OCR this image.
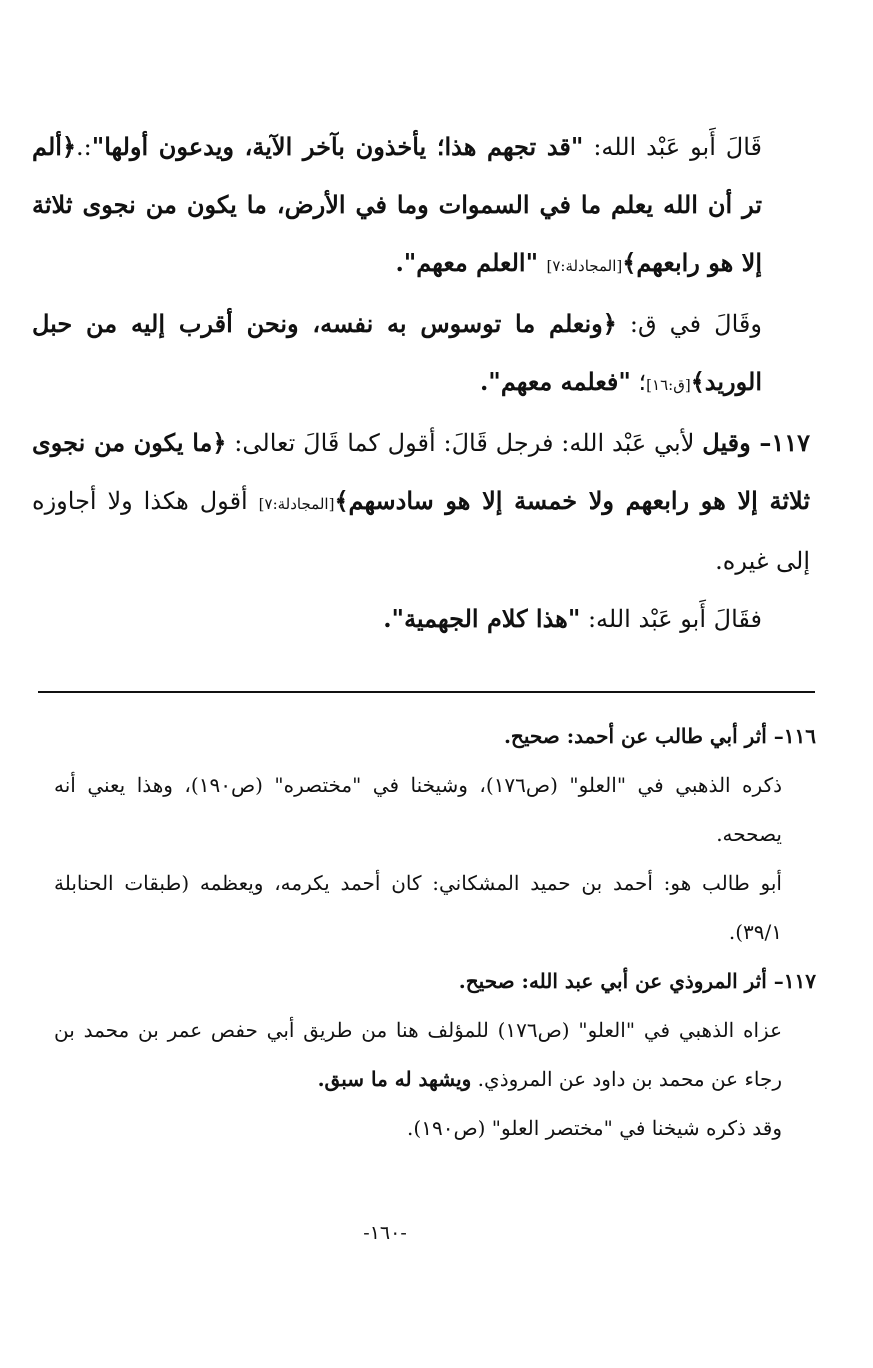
قَالَ أَبو عَبْد الله: "قد تجهم هذا؛ يأخذون بآخر الآية، ويدعون أولها":.﴿ألم تر أن الله يعلم ما في السموات وما في الأرض، ما يكون من نجوى ثلاثة إلا هو رابعهم﴾[المجادلة:٧] "العلم معهم".

وقَالَ في ق: ﴿ونعلم ما توسوس به نفسه، ونحن أقرب إليه من حبل الوريد﴾[ق:١٦]؛ "فعلمه معهم".

١١٧– وقيل لأبي عَبْد الله: فرجل قَالَ: أقول كما قَالَ تعالى: ﴿ما يكون من نجوى ثلاثة إلا هو رابعهم ولا خمسة إلا هو سادسهم﴾[المجادلة:٧] أقول هكذا ولا أجاوزه إلى غيره.

فقَالَ أَبو عَبْد الله: "هذا كلام الجهمية".

١١٦– أثر أبي طالب عن أحمد: صحيح.

ذكره الذهبي في "العلو" (ص١٧٦)، وشيخنا في "مختصره" (ص١٩٠)، وهذا يعني أنه يصححه.

أبو طالب هو: أحمد بن حميد المشكاني: كان أحمد يكرمه، ويعظمه (طبقات الحنابلة ٣٩/١).

١١٧– أثر المروذي عن أبي عبد الله: صحيح.

عزاه الذهبي في "العلو" (ص١٧٦) للمؤلف هنا من طريق أبي حفص عمر بن محمد بن رجاء عن محمد بن داود عن المروذي. ويشهد له ما سبق.

وقد ذكره شيخنا في "مختصر العلو" (ص١٩٠).

-١٦٠-
